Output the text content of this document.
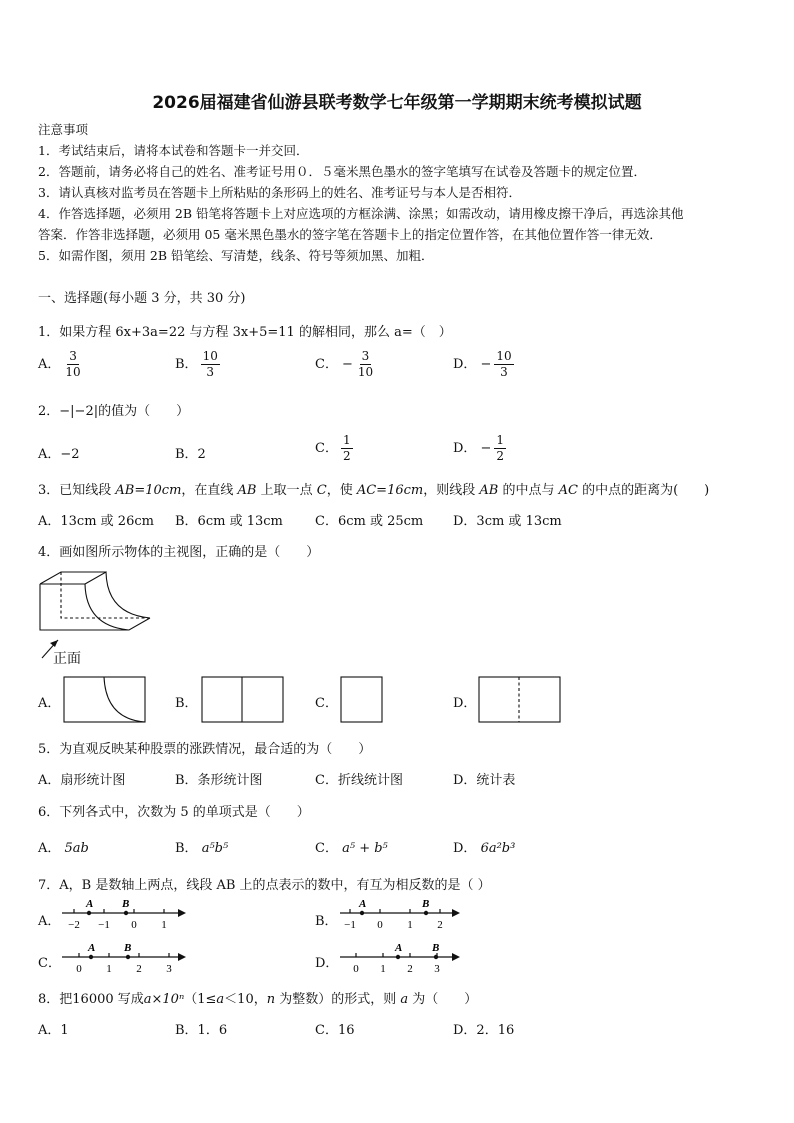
2026届福建省仙游县联考数学七年级第一学期期末统考模拟试题
注意事项
1．考试结束后，请将本试卷和答题卡一并交回．
2．答题前，请务必将自己的姓名、准考证号用０．５毫米黑色墨水的签字笔填写在试卷及答题卡的规定位置．
3．请认真核对监考员在答题卡上所粘贴的条形码上的姓名、准考证号与本人是否相符．
4．作答选择题，必须用 2B 铅笔将答题卡上对应选项的方框涂满、涂黑；如需改动，请用橡皮擦干净后，再选涂其他
答案．作答非选择题，必须用 05 毫米黑色墨水的签字笔在答题卡上的指定位置作答，在其他位置作答一律无效．
5．如需作图，须用 2B 铅笔绘、写清楚，线条、符号等须加黑、加粗．
一、选择题(每小题 3 分，共 30 分)
1．如果方程 6x+3a=22 与方程 3x+5=11 的解相同，那么 a=（　）
A． $\frac{3}{10}$	B． $\frac{10}{3}$	C． − $\frac{3}{10}$	D． − $\frac{10}{3}$
2．−|−2|的值为（　　）
A．−2	B．2	C． $\frac{1}{2}$	D． − $\frac{1}{2}$
3．已知线段 AB=10cm，在直线 AB 上取一点 C，使 AC=16cm，则线段 AB 的中点与 AC 的中点的距离为(　　)
A．13cm 或 26cm B．6cm 或 13cm C．6cm 或 25cm D．3cm 或 13cm
4．画如图所示物体的主视图，正确的是（　　）
正面
A．	B．	C．	D．
5．为直观反映某种股票的涨跌情况，最合适的为（　　）
A．扇形统计图	B．条形统计图	C．折线统计图	D．统计表
6．下列各式中，次数为 5 的单项式是（　　）
A． 5ab	B． a⁵b⁵	C． a⁵ + b⁵	D． 6a²b³
7．A，B 是数轴上两点，线段 AB 上的点表示的数中，有互为相反数的是（ ）
A．
A	B
−2 −1 0 1	B．
A	B
−1 0 1 2
C．
A	B
0 1 2 3	D．
A	B
0 1 2 3
8．把16000 写成a×10ⁿ（1≤a＜10，n 为整数）的形式，则 a 为（　　）
A．1	B．1．6	C．16	D．2．16
